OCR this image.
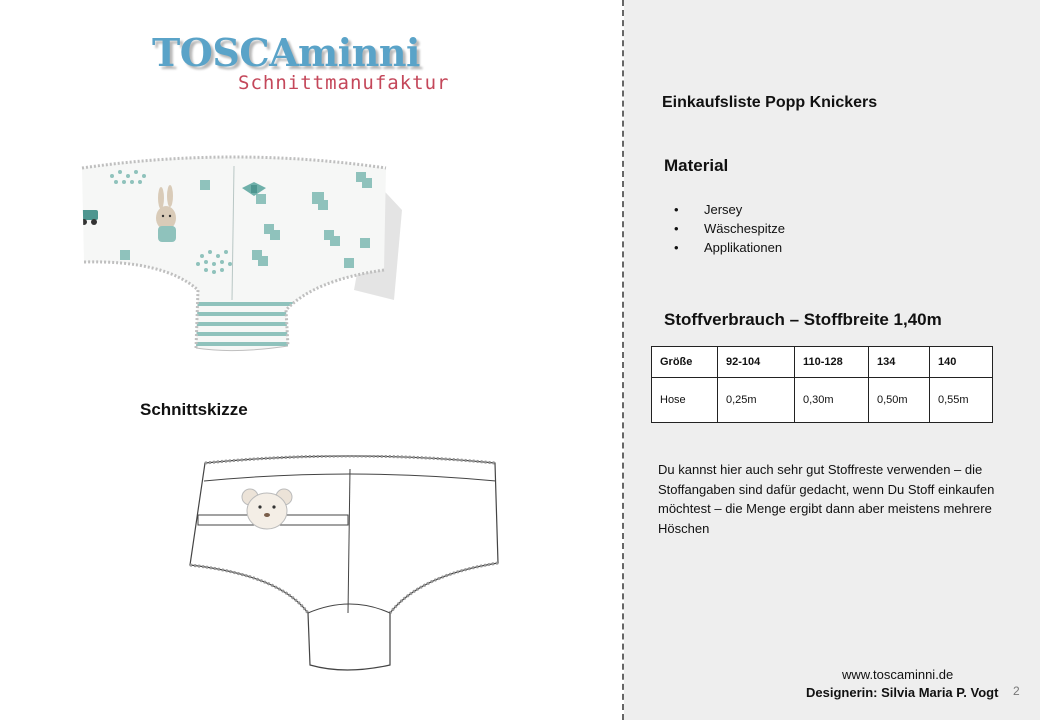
TOSCAminni
Schnittmanufaktur
Schnittskizze
Einkaufsliste Popp Knickers
Material
•	Jersey
•	Wäschespitze
•	Applikationen
Stoffverbrauch – Stoffbreite 1,40m
Größe	92-104	110-128	134	140
Hose	0,25m	0,30m	0,50m	0,55m
Du kannst hier auch sehr gut Stoffreste verwenden – die Stoffangaben sind dafür gedacht, wenn Du Stoff einkaufen möchtest – die Menge ergibt dann aber meistens mehrere Höschen
www.toscaminni.de
Designerin: Silvia Maria P. Vogt 2
